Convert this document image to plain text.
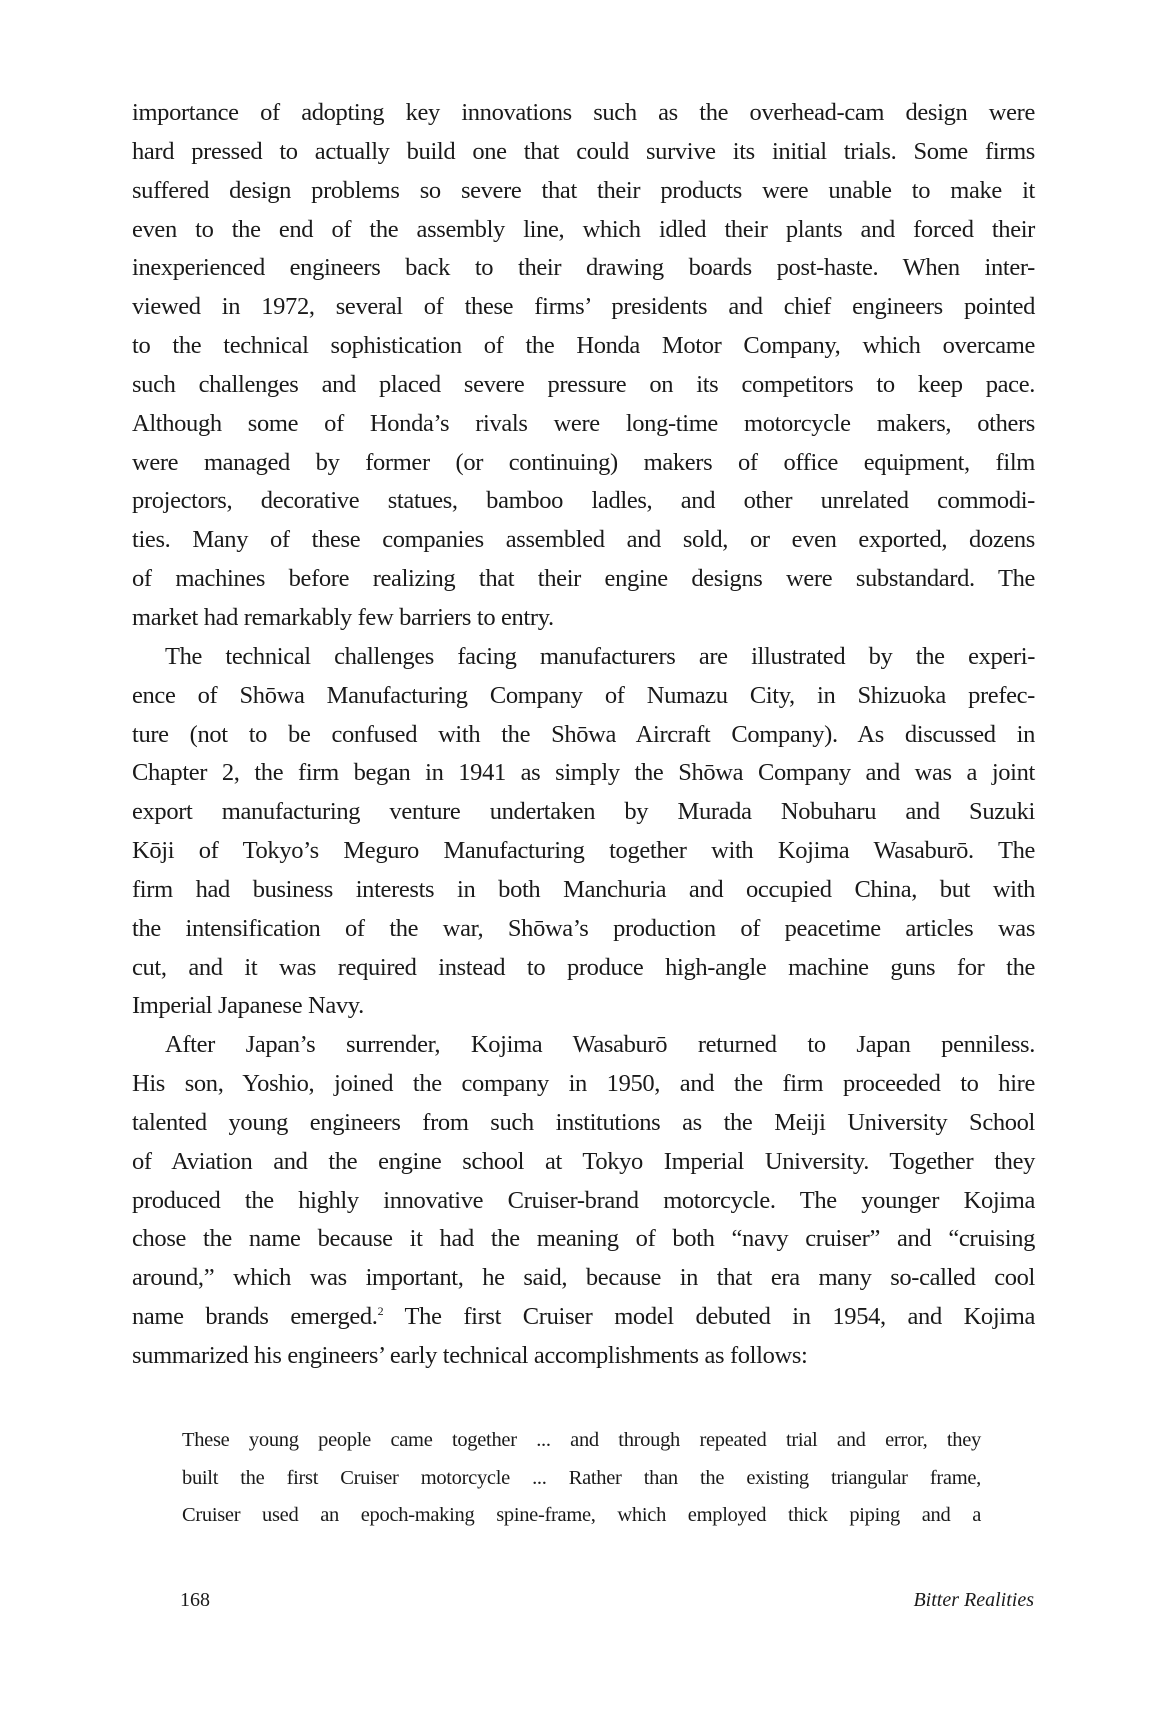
importance of adopting key innovations such as the overhead-cam design were
hard pressed to actually build one that could survive its initial trials. Some firms
suffered design problems so severe that their products were unable to make it
even to the end of the assembly line, which idled their plants and forced their
inexperienced engineers back to their drawing boards post-haste. When inter-
viewed in 1972, several of these firms’ presidents and chief engineers pointed
to the technical sophistication of the Honda Motor Company, which overcame
such challenges and placed severe pressure on its competitors to keep pace.
Although some of Honda’s rivals were long-time motorcycle makers, others
were managed by former (or continuing) makers of office equipment, film
projectors, decorative statues, bamboo ladles, and other unrelated commodi-
ties. Many of these companies assembled and sold, or even exported, dozens
of machines before realizing that their engine designs were substandard. The
market had remarkably few barriers to entry.
The technical challenges facing manufacturers are illustrated by the experi-
ence of Shōwa Manufacturing Company of Numazu City, in Shizuoka prefec-
ture (not to be confused with the Shōwa Aircraft Company). As discussed in
Chapter 2, the firm began in 1941 as simply the Shōwa Company and was a joint
export manufacturing venture undertaken by Murada Nobuharu and Suzuki
Kōji of Tokyo’s Meguro Manufacturing together with Kojima Wasaburō. The
firm had business interests in both Manchuria and occupied China, but with
the intensification of the war, Shōwa’s production of peacetime articles was
cut, and it was required instead to produce high-angle machine guns for the
Imperial Japanese Navy.
After Japan’s surrender, Kojima Wasaburō returned to Japan penniless.
His son, Yoshio, joined the company in 1950, and the firm proceeded to hire
talented young engineers from such institutions as the Meiji University School
of Aviation and the engine school at Tokyo Imperial University. Together they
produced the highly innovative Cruiser-brand motorcycle. The younger Kojima
chose the name because it had the meaning of both “navy cruiser” and “cruising
around,” which was important, he said, because in that era many so-called cool
name brands emerged.$^2$ The first Cruiser model debuted in 1954, and Kojima
summarized his engineers’ early technical accomplishments as follows:
These young people came together ... and through repeated trial and error, they
built the first Cruiser motorcycle ... Rather than the existing triangular frame,
Cruiser used an epoch-making spine-frame, which employed thick piping and a
168	Bitter Realities
